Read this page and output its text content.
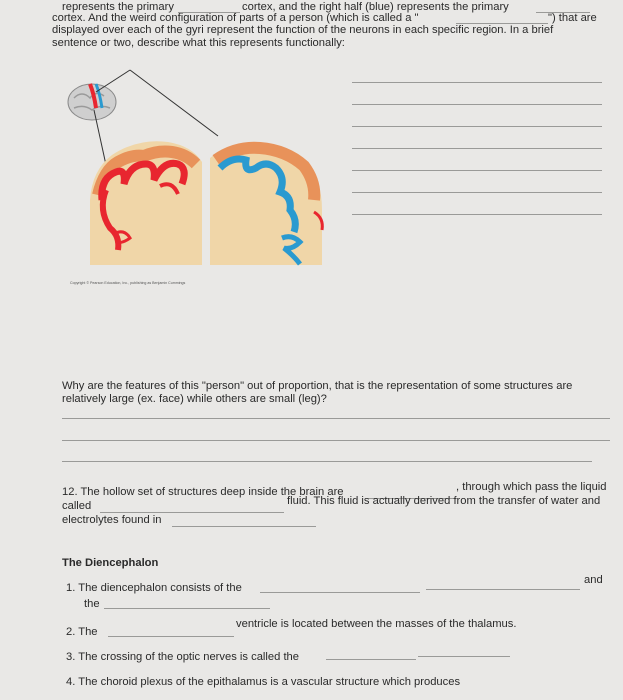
represents the primary	cortex, and the right half (blue) represents the primary
cortex. And the weird configuration of parts of a person (which is called a "	") that are
displayed over each of the gyri represent the function of the neurons in each specific region. In a brief
sentence or two, describe what this represents functionally:
Copyright © Pearson Education, Inc., publishing as Benjamin Cummings
Why are the features of this "person" out of proportion, that is the representation of some structures are
relatively large (ex. face) while others are small (leg)?
12. The hollow set of structures deep inside the brain are	, through which pass the liquid
called	fluid. This fluid is actually derived from the transfer of water and
electrolytes found in
The Diencephalon
1. The diencephalon consists of the
and
the
2. The
ventricle is located between the masses of the thalamus.
3. The crossing of the optic nerves is called the
4. The choroid plexus of the epithalamus is a vascular structure which produces
